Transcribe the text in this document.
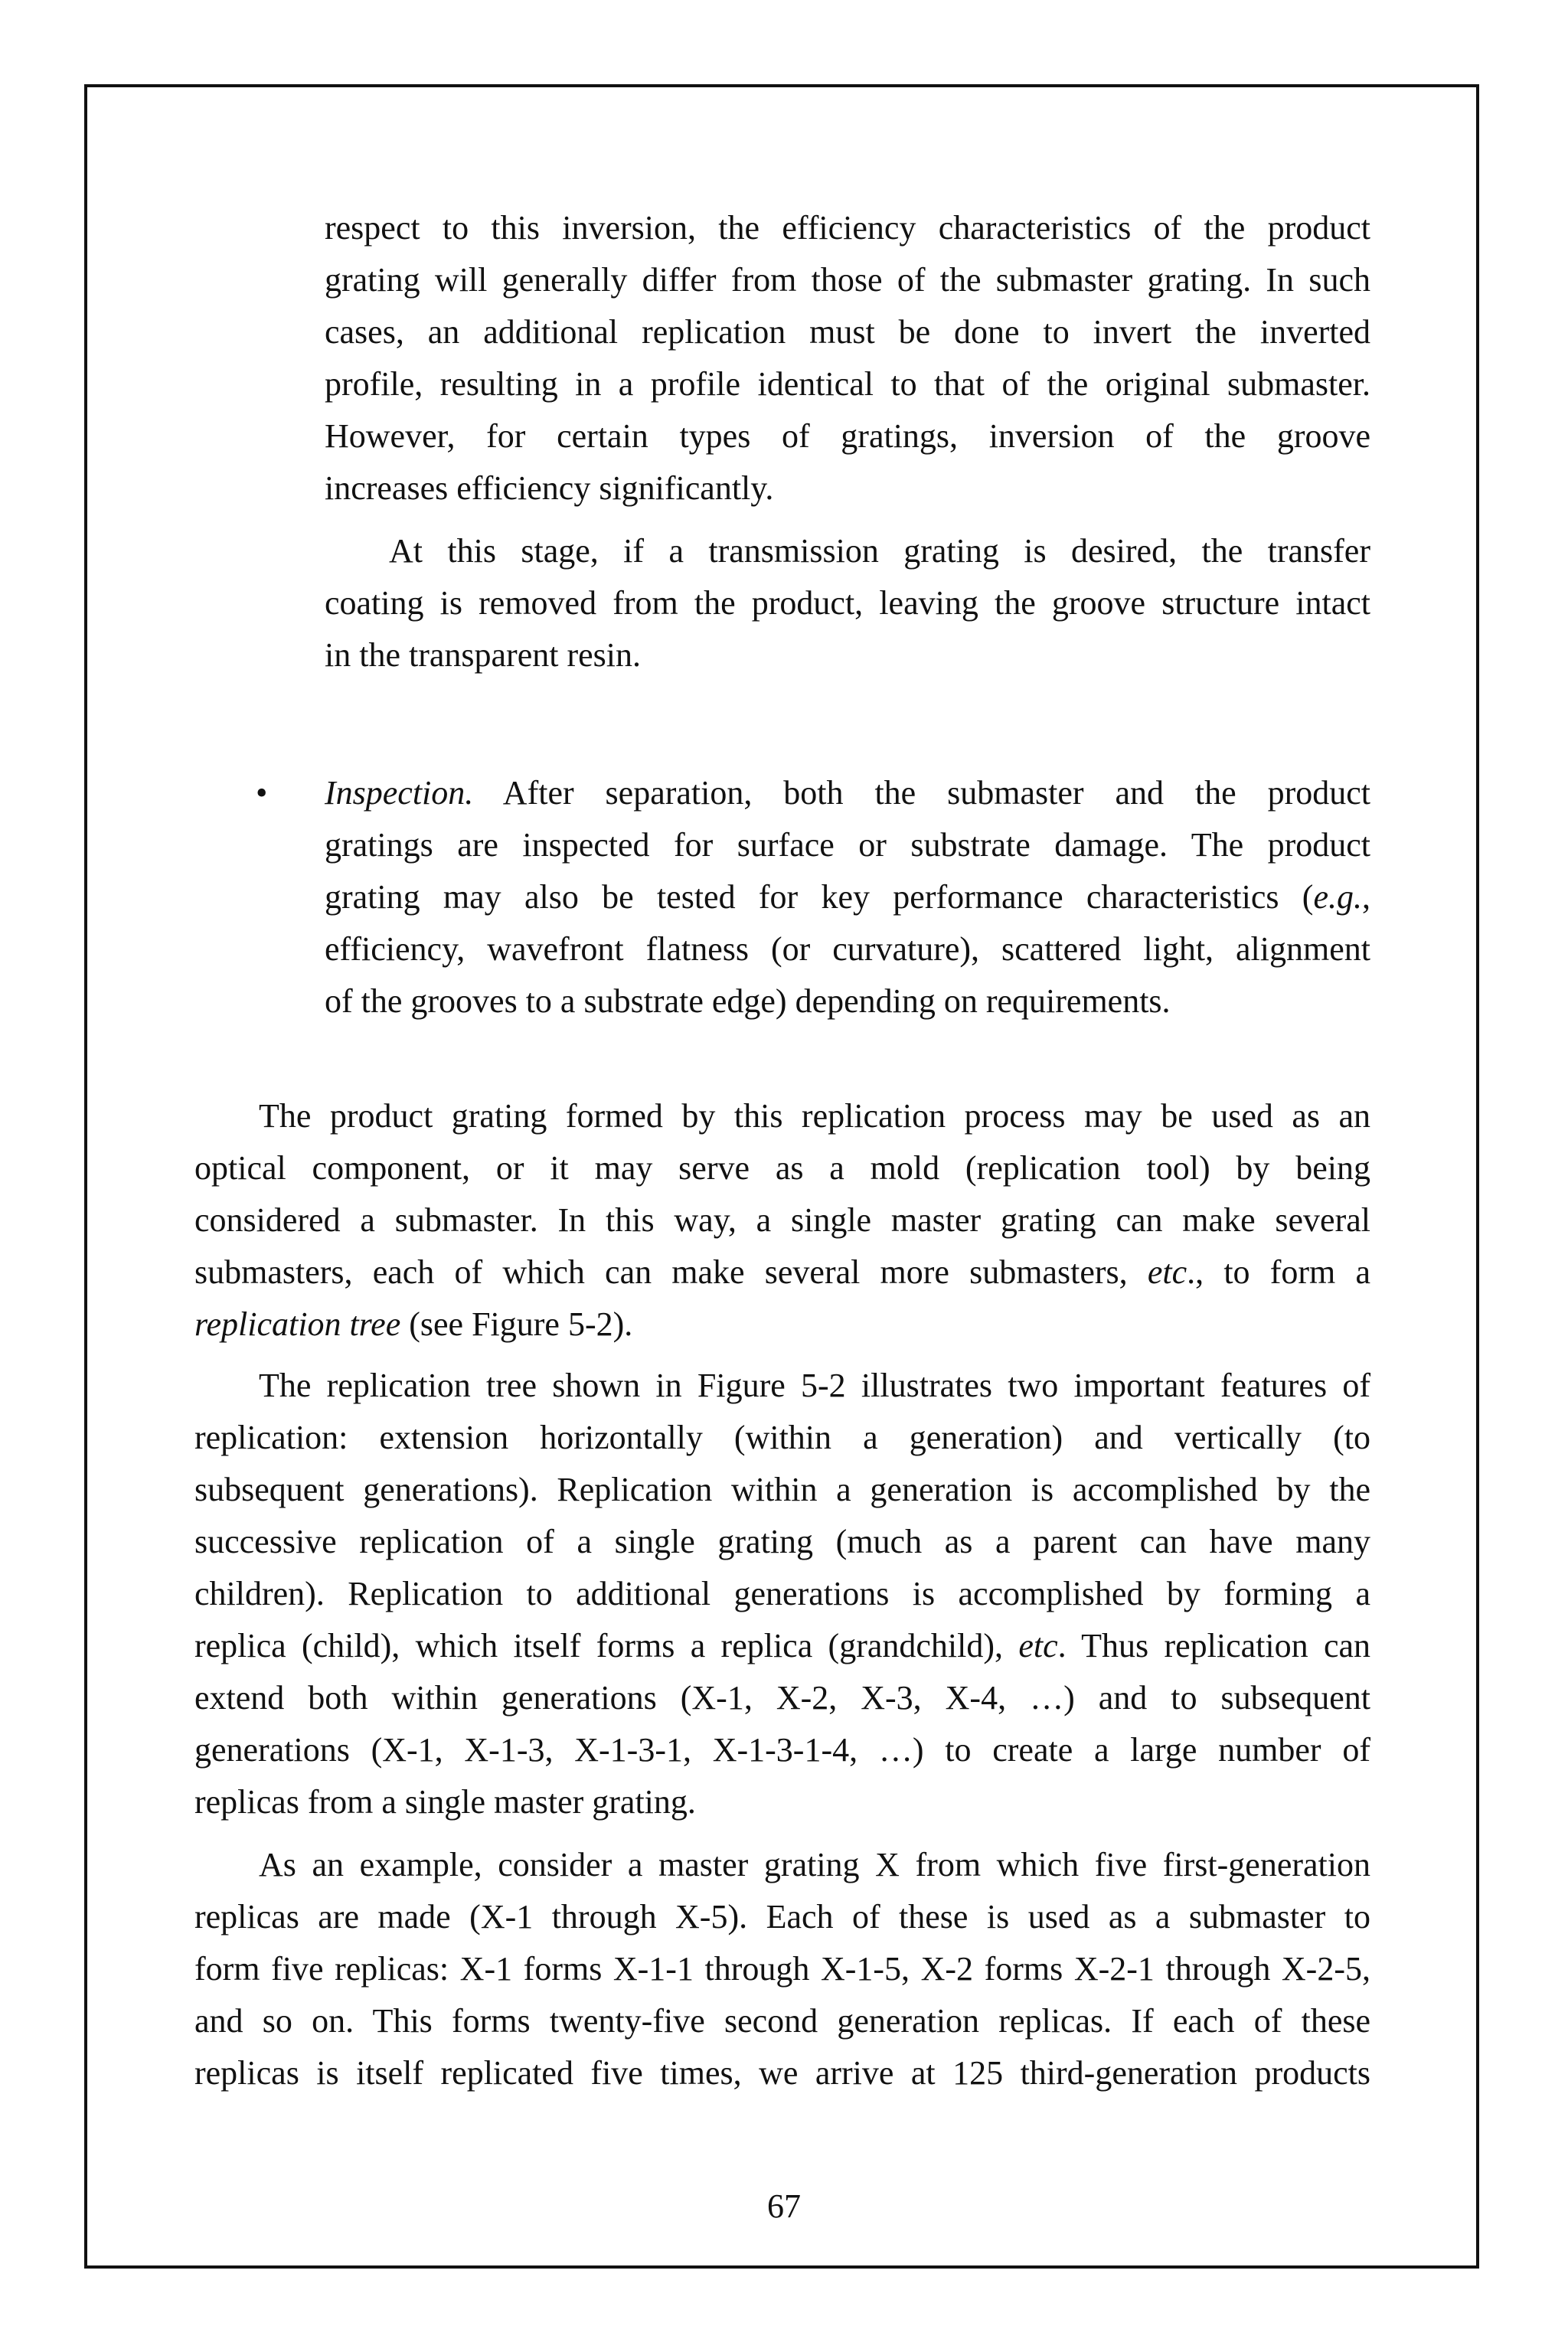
respect to this inversion, the efficiency characteristics of the product
grating will generally differ from those of the submaster grating. In such
cases, an additional replication must be done to invert the inverted
profile, resulting in a profile identical to that of the original submaster.
However, for certain types of gratings, inversion of the groove
increases efficiency significantly.
At this stage, if a transmission grating is desired, the transfer
coating is removed from the product, leaving the groove structure intact
in the transparent resin.
• Inspection. After separation, both the submaster and the product
gratings are inspected for surface or substrate damage. The product
grating may also be tested for key performance characteristics (e.g.,
efficiency, wavefront flatness (or curvature), scattered light, alignment
of the grooves to a substrate edge) depending on requirements.
The product grating formed by this replication process may be used as an
optical component, or it may serve as a mold (replication tool) by being
considered a submaster. In this way, a single master grating can make several
submasters, each of which can make several more submasters, etc., to form a
replication tree (see Figure 5-2).
The replication tree shown in Figure 5-2 illustrates two important features of
replication: extension horizontally (within a generation) and vertically (to
subsequent generations). Replication within a generation is accomplished by the
successive replication of a single grating (much as a parent can have many
children). Replication to additional generations is accomplished by forming a
replica (child), which itself forms a replica (grandchild), etc. Thus replication can
extend both within generations (X-1, X-2, X-3, X-4, …) and to subsequent
generations (X-1, X-1-3, X-1-3-1, X-1-3-1-4, …) to create a large number of
replicas from a single master grating.
As an example, consider a master grating X from which five first-generation
replicas are made (X-1 through X-5). Each of these is used as a submaster to
form five replicas: X-1 forms X-1-1 through X-1-5, X-2 forms X-2-1 through X-2-5,
and so on. This forms twenty-five second generation replicas. If each of these
replicas is itself replicated five times, we arrive at 125 third-generation products
67
